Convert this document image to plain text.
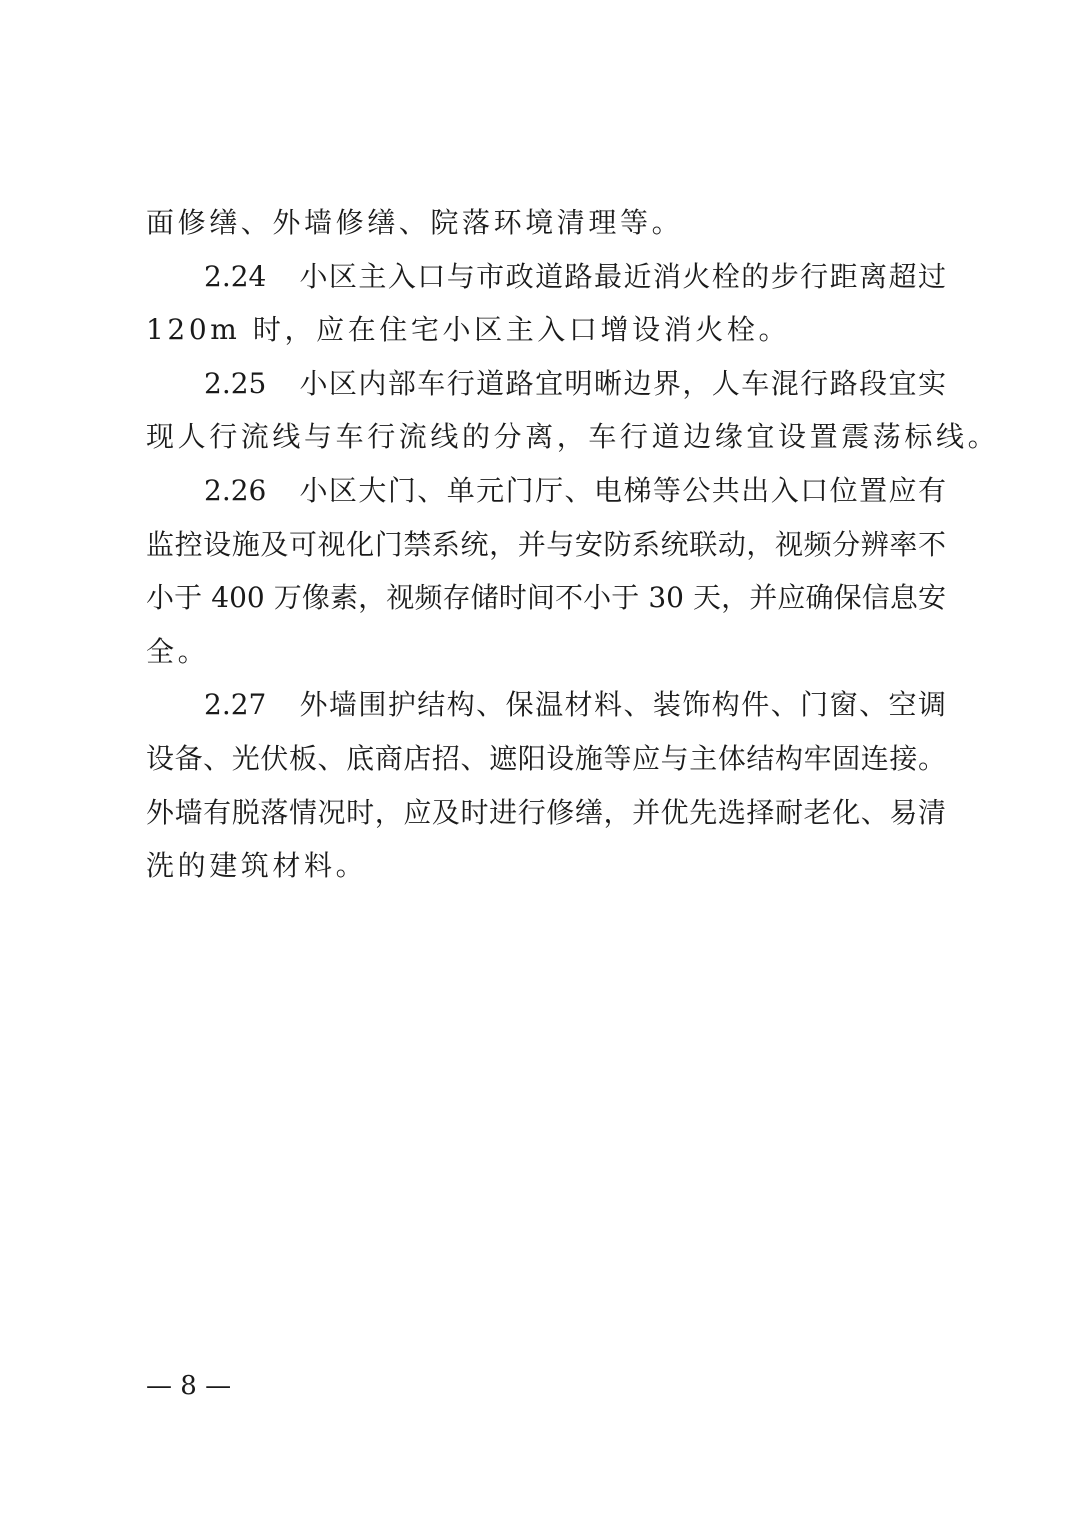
面修缮、外墙修缮、院落环境清理等。
2.24 小区主入口与市政道路最近消火栓的步行距离超过
120m 时，应在住宅小区主入口增设消火栓。
2.25 小区内部车行道路宜明晰边界，人车混行路段宜实
现人行流线与车行流线的分离，车行道边缘宜设置震荡标线。
2.26 小区大门、单元门厅、电梯等公共出入口位置应有
监控设施及可视化门禁系统，并与安防系统联动，视频分辨率不
小于 400 万像素，视频存储时间不小于 30 天，并应确保信息安
全。
2.27 外墙围护结构、保温材料、装饰构件、门窗、空调
设备、光伏板、底商店招、遮阳设施等应与主体结构牢固连接。
外墙有脱落情况时，应及时进行修缮，并优先选择耐老化、易清
洗的建筑材料。
— 8 —
